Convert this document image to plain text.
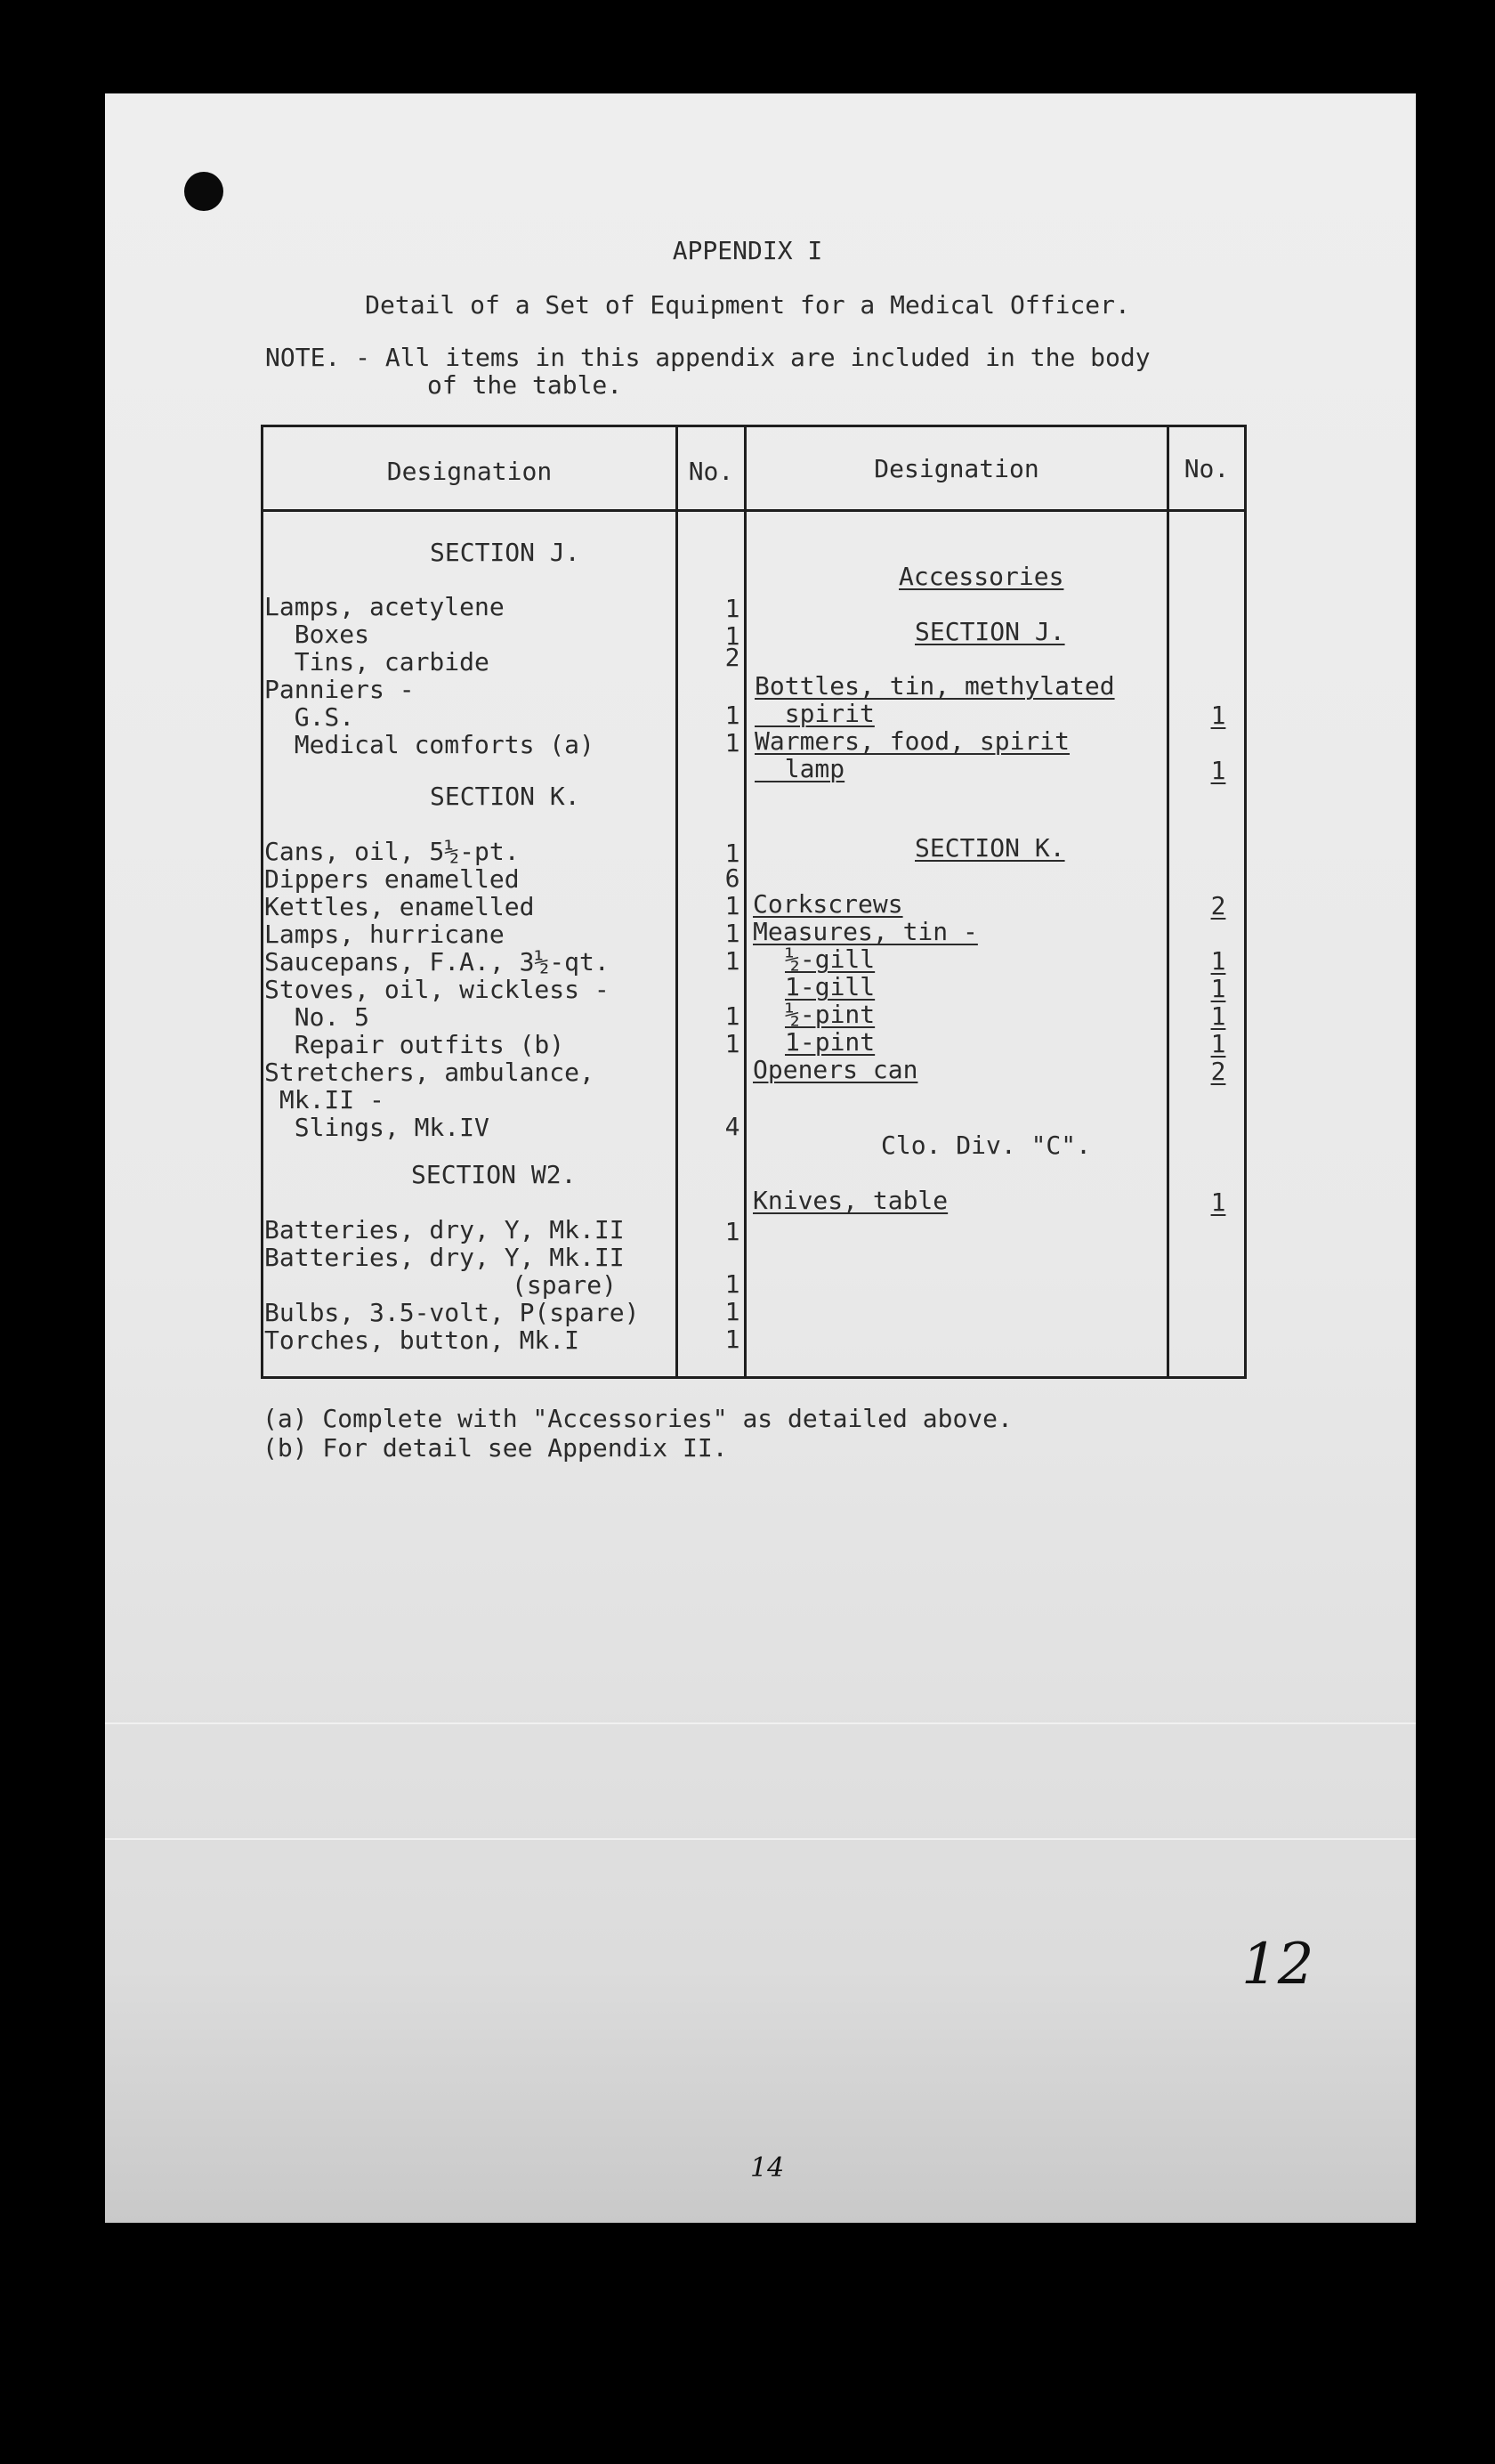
APPENDIX I
Detail of a Set of Equipment for a Medical Officer.
NOTE. - All items in this appendix are included in the body
of the table.
Designation	No.	Designation	No.
SECTION J.
Lamps, acetylene	1
Boxes	1
Tins, carbide	2
Panniers -
G.S.	1
Medical comforts (a)	1
SECTION K.
Cans, oil, 5½-pt.	1
Dippers enamelled	6
Kettles, enamelled	1
Lamps, hurricane	1
Saucepans, F.A., 3½-qt.	1
Stoves, oil, wickless -
No. 5	1
Repair outfits (b)	1
Stretchers, ambulance,
Mk.II -
Slings, Mk.IV	4
SECTION W2.
Batteries, dry, Y, Mk.II	1
Batteries, dry, Y, Mk.II
(spare)	1
Bulbs, 3.5-volt, P(spare)	1
Torches, button, Mk.I	1
Accessories
SECTION J.
Bottles, tin, methylated
spirit	1
Warmers, food, spirit
lamp	1
SECTION K.
Corkscrews	2
Measures, tin -
½-gill	1
1-gill	1
½-pint	1
1-pint	1
Openers can	2
Clo. Div. "C".
Knives, table	1
(a) Complete with "Accessories" as detailed above.
(b) For detail see Appendix II.
12
14
